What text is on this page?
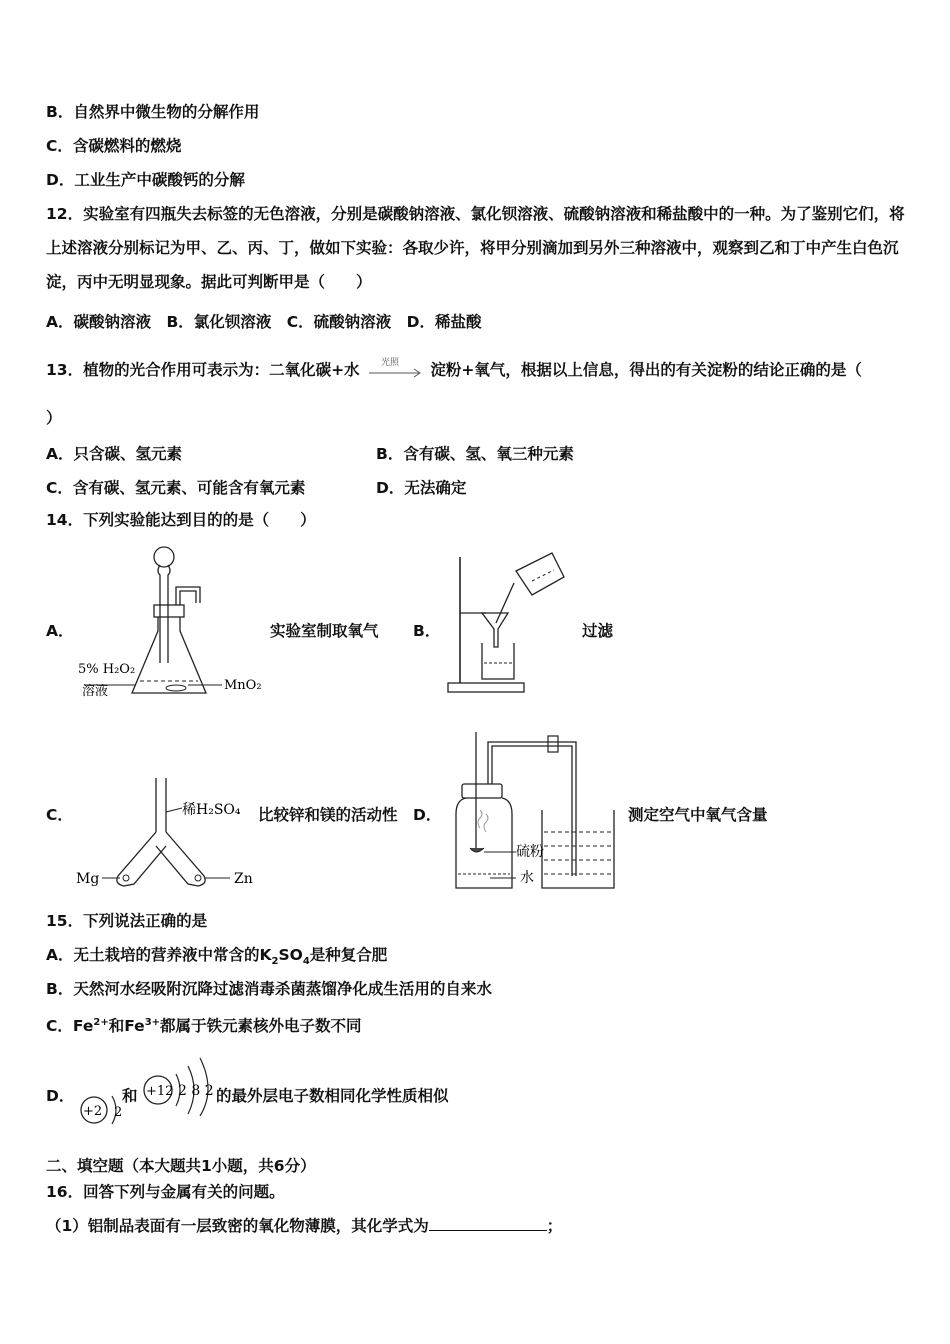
B．自然界中微生物的分解作用
C．含碳燃料的燃烧
D．工业生产中碳酸钙的分解
12．实验室有四瓶失去标签的无色溶液，分别是碳酸钠溶液、氯化钡溶液、硫酸钠溶液和稀盐酸中的一种。为了鉴别它们，将上述溶液分别标记为甲、乙、丙、丁，做如下实验：各取少许，将甲分别滴加到另外三种溶液中，观察到乙和丁中产生白色沉淀，丙中无明显现象。据此可判断甲是（　　）
A．碳酸钠溶液　B．氯化钡溶液　C．硫酸钠溶液　D．稀盐酸
13．植物的光合作用可表示为：二氧化碳+水 光照 淀粉+氧气，根据以上信息，得出的有关淀粉的结论正确的是（
）
A．只含碳、氢元素	B．含有碳、氢、氧三种元素
C．含有碳、氢元素、可能含有氧元素	D．无法确定
14．下列实验能达到目的的是（　　）
A．
5% H₂O₂
溶液	MnO₂
实验室制取氧气 B．	过滤
C．	稀H₂SO₄
Mg	Zn
比较锌和镁的活动性 D．
硫粉
水
测定空气中氧气含量
15．下列说法正确的是
A．无土栽培的营养液中常含的$K_2SO_4$是种复合肥
B．天然河水经吸附沉降过滤消毒杀菌蒸馏净化成生活用的自来水
C．$Fe^{2+}$和$Fe^{3+}$都属于铁元素核外电子数不同
D．
+2 2
和 +12 2 8 2 的最外层电子数相同化学性质相似
二、填空题（本大题共1小题，共6分）
16．回答下列与金属有关的问题。
（1）铝制品表面有一层致密的氧化物薄膜，其化学式为	；
